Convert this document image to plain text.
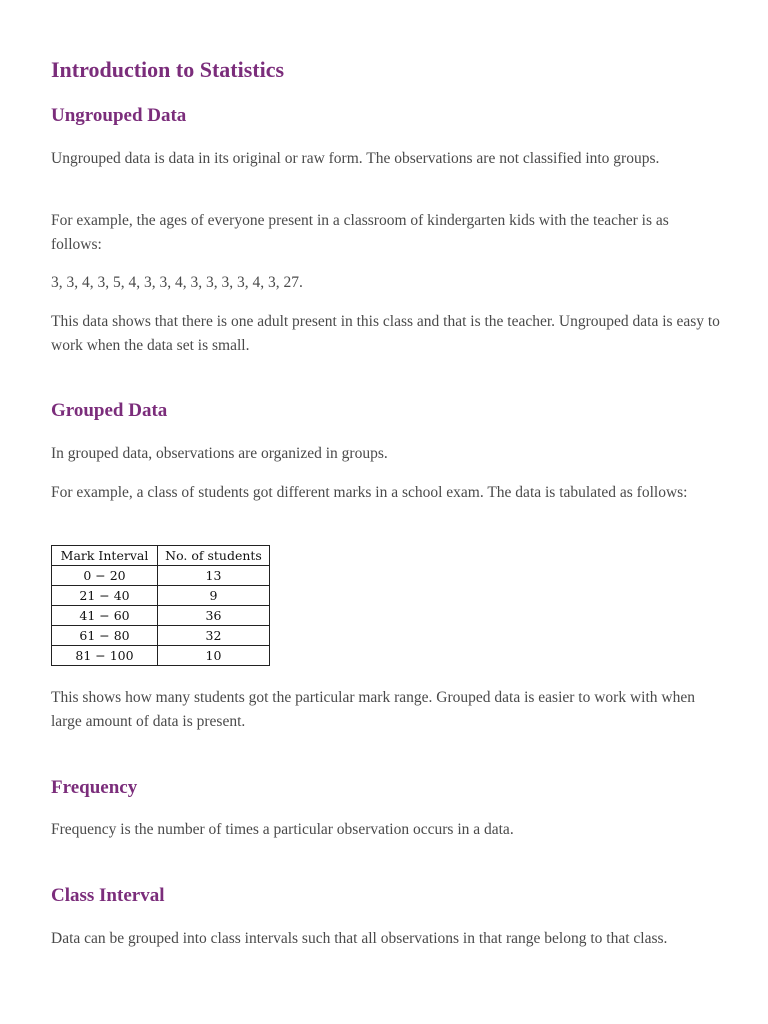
Introduction to Statistics
Ungrouped Data

Ungrouped data is data in its original or raw form. The observations are not classified into groups.

For example, the ages of everyone present in a classroom of kindergarten kids with the teacher is as follows:

3, 3, 4, 3, 5, 4, 3, 3, 4, 3, 3, 3, 3, 4, 3, 27.

This data shows that there is one adult present in this class and that is the teacher. Ungrouped data is easy to work when the data set is small.

Grouped Data

In grouped data, observations are organized in groups.

For example, a class of students got different marks in a school exam. The data is tabulated as follows:

Mark Interval	No. of students
0 − 20	13
21 − 40	9
41 − 60	36
61 − 80	32
81 − 100	10

This shows how many students got the particular mark range. Grouped data is easier to work with when large amount of data is present.

Frequency

Frequency is the number of times a particular observation occurs in a data.

Class Interval

Data can be grouped into class intervals such that all observations in that range belong to that class.
